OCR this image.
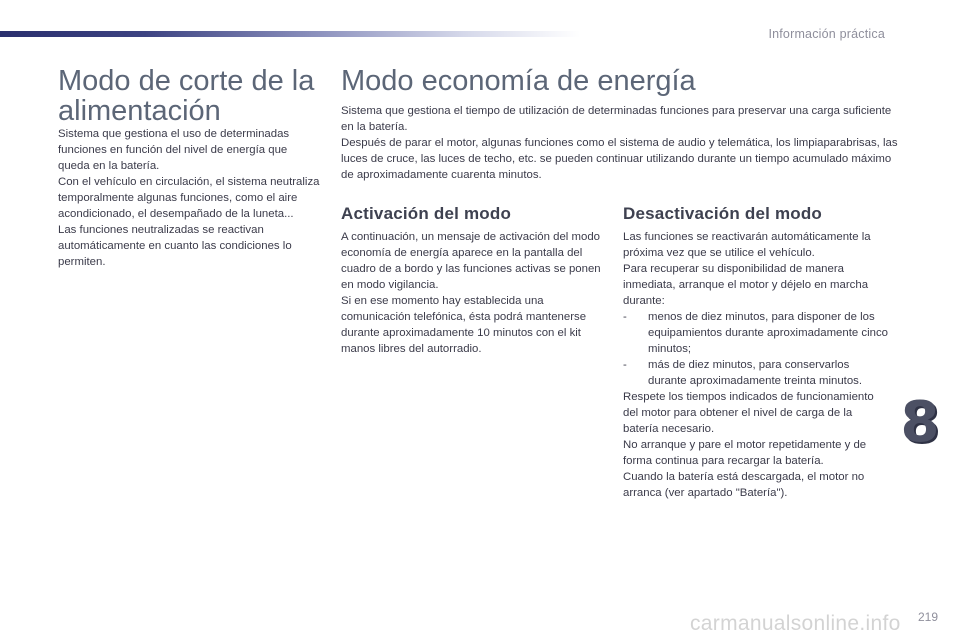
Información práctica
Modo de corte de la alimentación

Sistema que gestiona el uso de determinadas funciones en función del nivel de energía que queda en la batería.

Con el vehículo en circulación, el sistema neutraliza temporalmente algunas funciones, como el aire acondicionado, el desempañado de la luneta...

Las funciones neutralizadas se reactivan automáticamente en cuanto las condiciones lo permiten.

Modo economía de energía

Sistema que gestiona el tiempo de utilización de determinadas funciones para preservar una carga suficiente en la batería.

Después de parar el motor, algunas funciones como el sistema de audio y telemática, los limpiaparabrisas, las luces de cruce, las luces de techo, etc. se pueden continuar utilizando durante un tiempo acumulado máximo de aproximadamente cuarenta minutos.

Activación del modo

A continuación, un mensaje de activación del modo economía de energía aparece en la pantalla del cuadro de a bordo y las funciones activas se ponen en modo vigilancia.

Si en ese momento hay establecida una comunicación telefónica, ésta podrá mantenerse durante aproximadamente 10 minutos con el kit manos libres del autorradio.

Desactivación del modo

Las funciones se reactivarán automáticamente la próxima vez que se utilice el vehículo.

Para recuperar su disponibilidad de manera inmediata, arranque el motor y déjelo en marcha durante:

- menos de diez minutos, para disponer de los equipamientos durante aproximadamente cinco minutos;
- más de diez minutos, para conservarlos durante aproximadamente treinta minutos.

Respete los tiempos indicados de funcionamiento del motor para obtener el nivel de carga de la batería necesario.

No arranque y pare el motor repetidamente y de forma continua para recargar la batería.

Cuando la batería está descargada, el motor no arranca (ver apartado "Batería").

8
carmanualsonline.info 219
